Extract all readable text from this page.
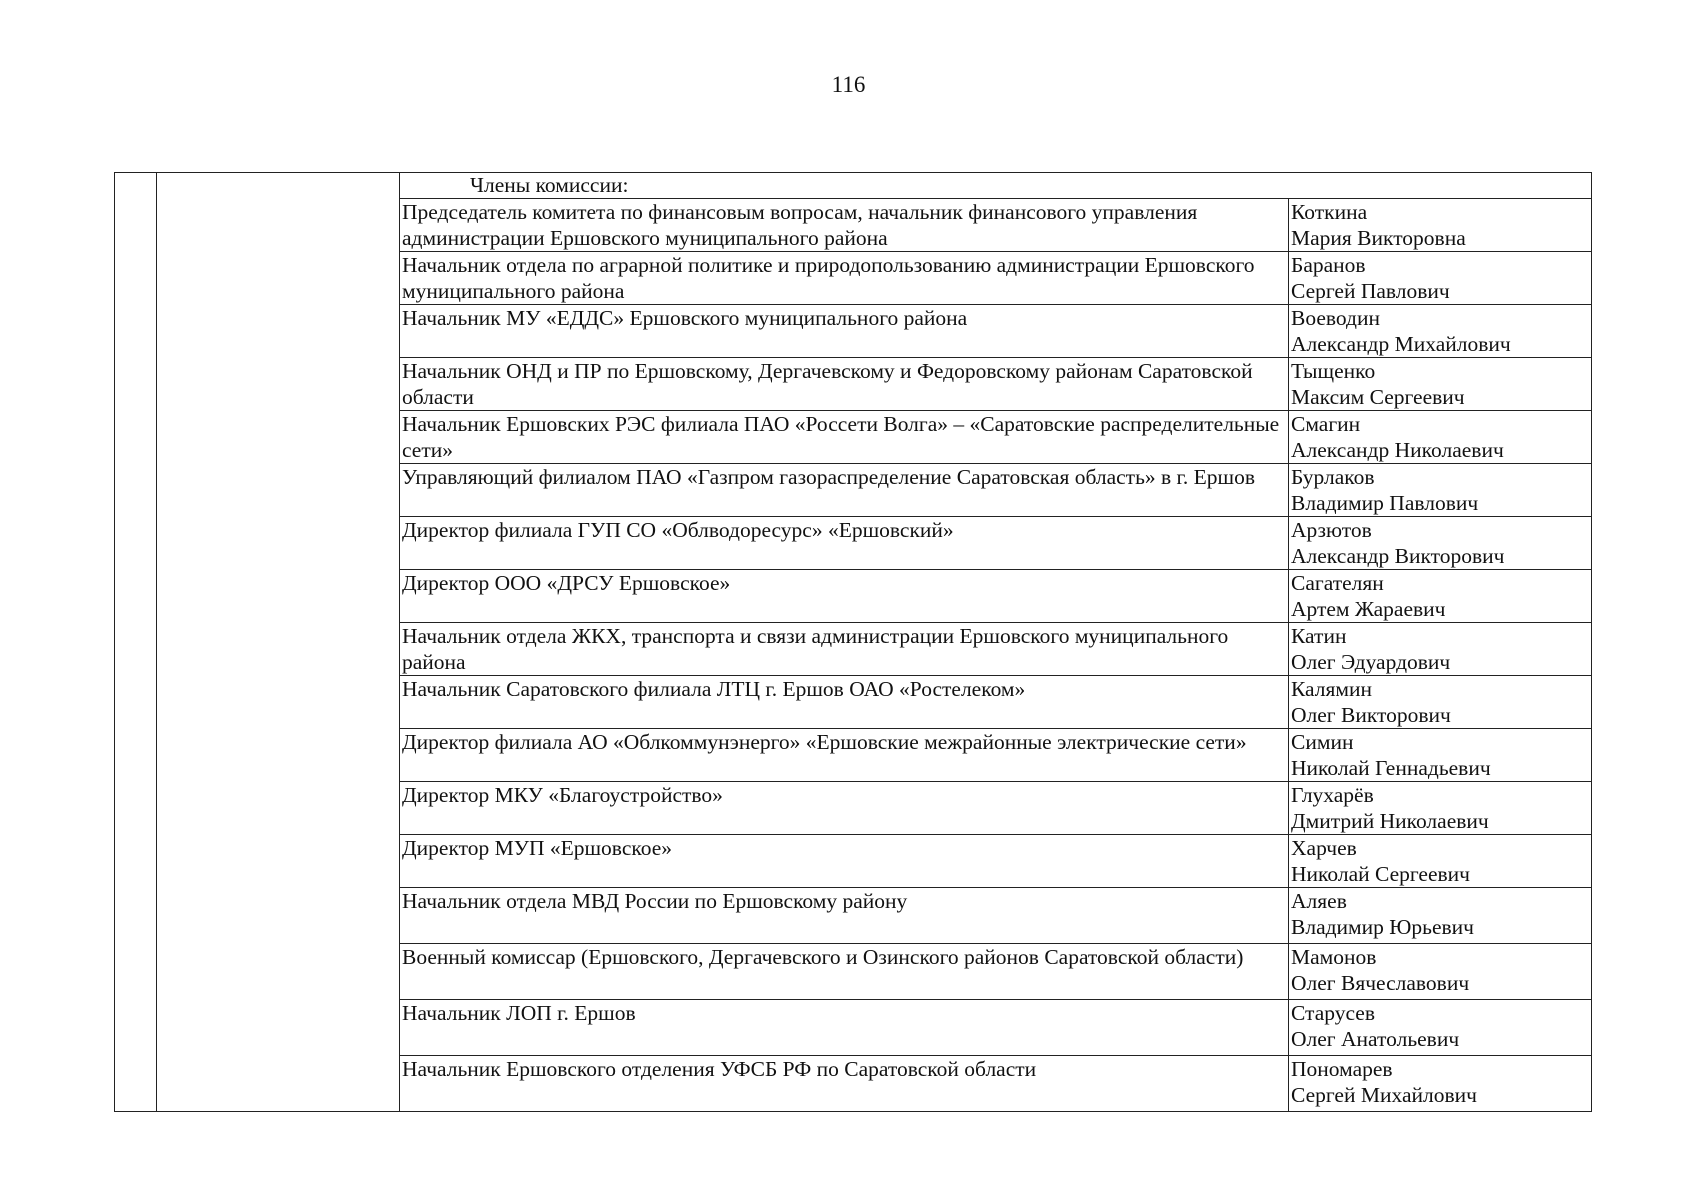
116
		Члены комиссии:	
		Председатель комитета по финансовым вопросам, начальник финансового управления администрации Ершовского муниципального района	Коткина
Мария Викторовна

		Начальник отдела по аграрной политике и природопользованию администрации Ершовского муниципального района	Баранов
Сергей Павлович

		Начальник МУ «ЕДДС» Ершовского муниципального района	Воеводин
Александр Михайлович

		Начальник ОНД и ПР по Ершовскому, Дергачевскому и Федоровскому районам Саратовской области	Тыщенко
Максим Сергеевич

		Начальник Ершовских РЭС филиала ПАО «Россети Волга» – «Саратовские распределительные сети»	Смагин
Александр Николаевич

		Управляющий филиалом ПАО «Газпром газораспределение Саратовская область» в г. Ершов	Бурлаков
Владимир Павлович

		Директор филиала ГУП СО «Облводоресурс» «Ершовский»	Арзютов
Александр Викторович

		Директор ООО «ДРСУ Ершовское»	Сагателян
Артем Жараевич

		Начальник отдела ЖКХ, транспорта и связи администрации Ершовского муниципального района	Катин
Олег Эдуардович

		Начальник Саратовского филиала ЛТЦ г. Ершов ОАО «Ростелеком»	Калямин
Олег Викторович

		Директор филиала АО «Облкоммунэнерго» «Ершовские межрайонные электрические сети»	Симин
Николай Геннадьевич

		Директор МКУ «Благоустройство»	Глухарёв
Дмитрий Николаевич

		Директор МУП «Ершовское»	Харчев
Николай Сергеевич

		Начальник отдела МВД России по Ершовскому району	Аляев
Владимир Юрьевич

		Военный комиссар (Ершовского, Дергачевского и Озинского районов Саратовской области)	Мамонов
Олег Вячеславович

		Начальник ЛОП г. Ершов	Старусев
Олег Анатольевич

		Начальник Ершовского отделения УФСБ РФ по Саратовской области	Пономарев
Сергей Михайлович
